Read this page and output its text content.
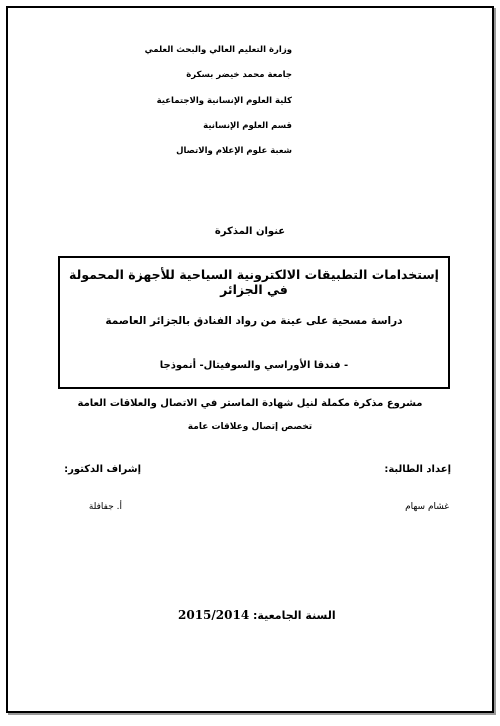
وزارة التعليم العالي والبحث العلمي
جامعة محمد خيضر بسكرة
كلية العلوم الإنسانية والاجتماعية
قسم العلوم الإنسانية
شعبة علوم الإعلام والاتصال
عنوان المذكرة
إستخدامات التطبيقات الالكترونية السياحية للأجهزة المحمولة في الجزائر
دراسة مسحية على عينة من رواد الفنادق بالجزائر العاصمة
- فندقا الأوراسي والسوفيتال- أنموذجا
مشروع مذكرة مكملة لنيل شهادة الماستر في الاتصال والعلاقات العامة
تخصص إتصال وعلاقات عامة
إعداد الطالبة:
غشام سهام
إشراف الدكتور:
أ. جفافلة
السنة الجامعية: 2015/2014
